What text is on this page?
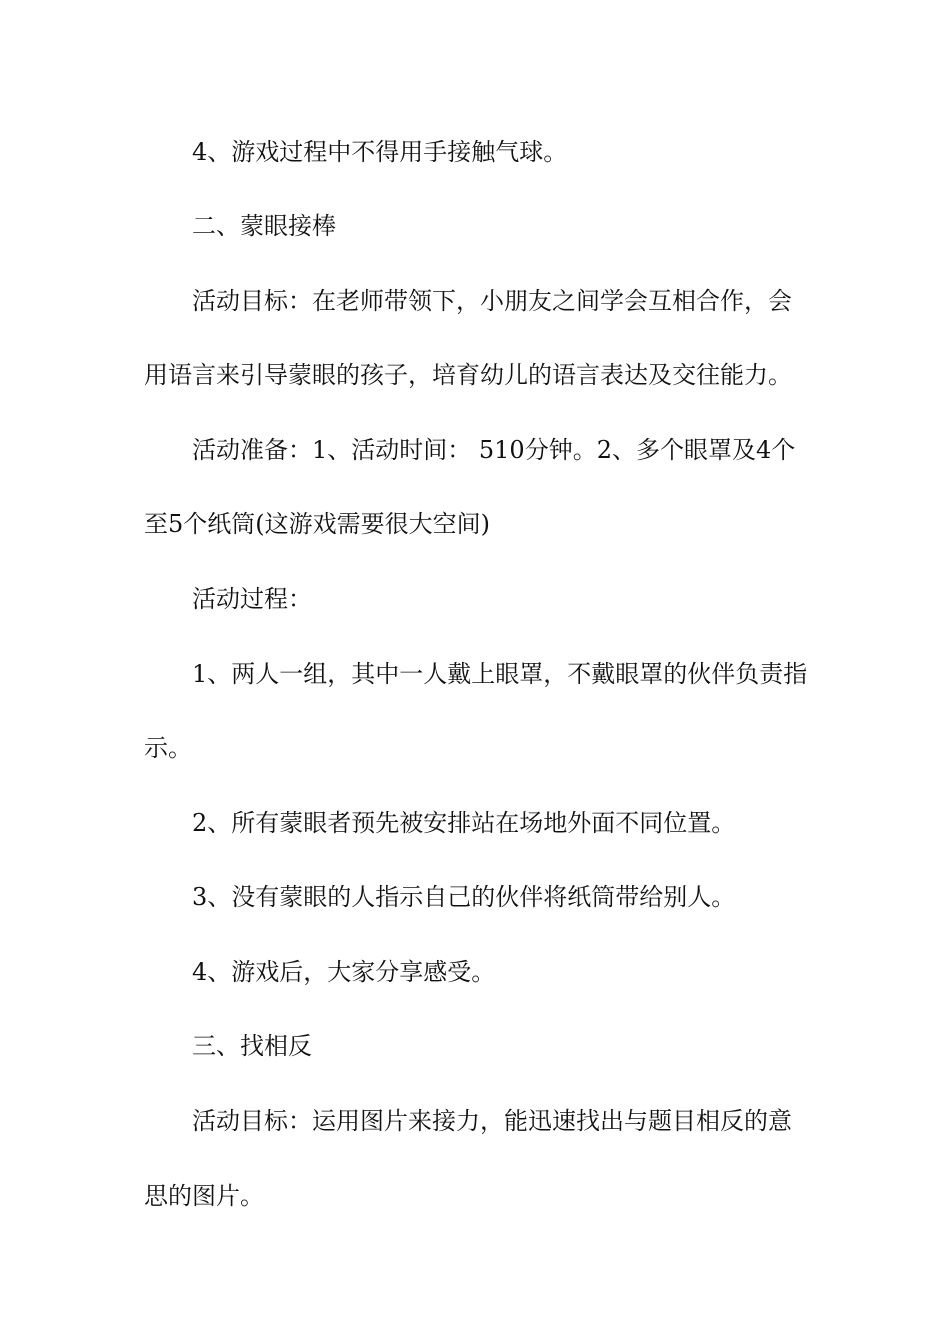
4、游戏过程中不得用手接触气球。

二、蒙眼接棒

活动目标：在老师带领下，小朋友之间学会互相合作，会

用语言来引导蒙眼的孩子，培育幼儿的语言表达及交往能力。

活动准备：1、活动时间： 510分钟。2、多个眼罩及4个

至5个纸筒(这游戏需要很大空间)

活动过程：

1、两人一组，其中一人戴上眼罩，不戴眼罩的伙伴负责指

示。

2、所有蒙眼者预先被安排站在场地外面不同位置。

3、没有蒙眼的人指示自己的伙伴将纸筒带给别人。

4、游戏后，大家分享感受。

三、找相反

活动目标：运用图片来接力，能迅速找出与题目相反的意

思的图片。
